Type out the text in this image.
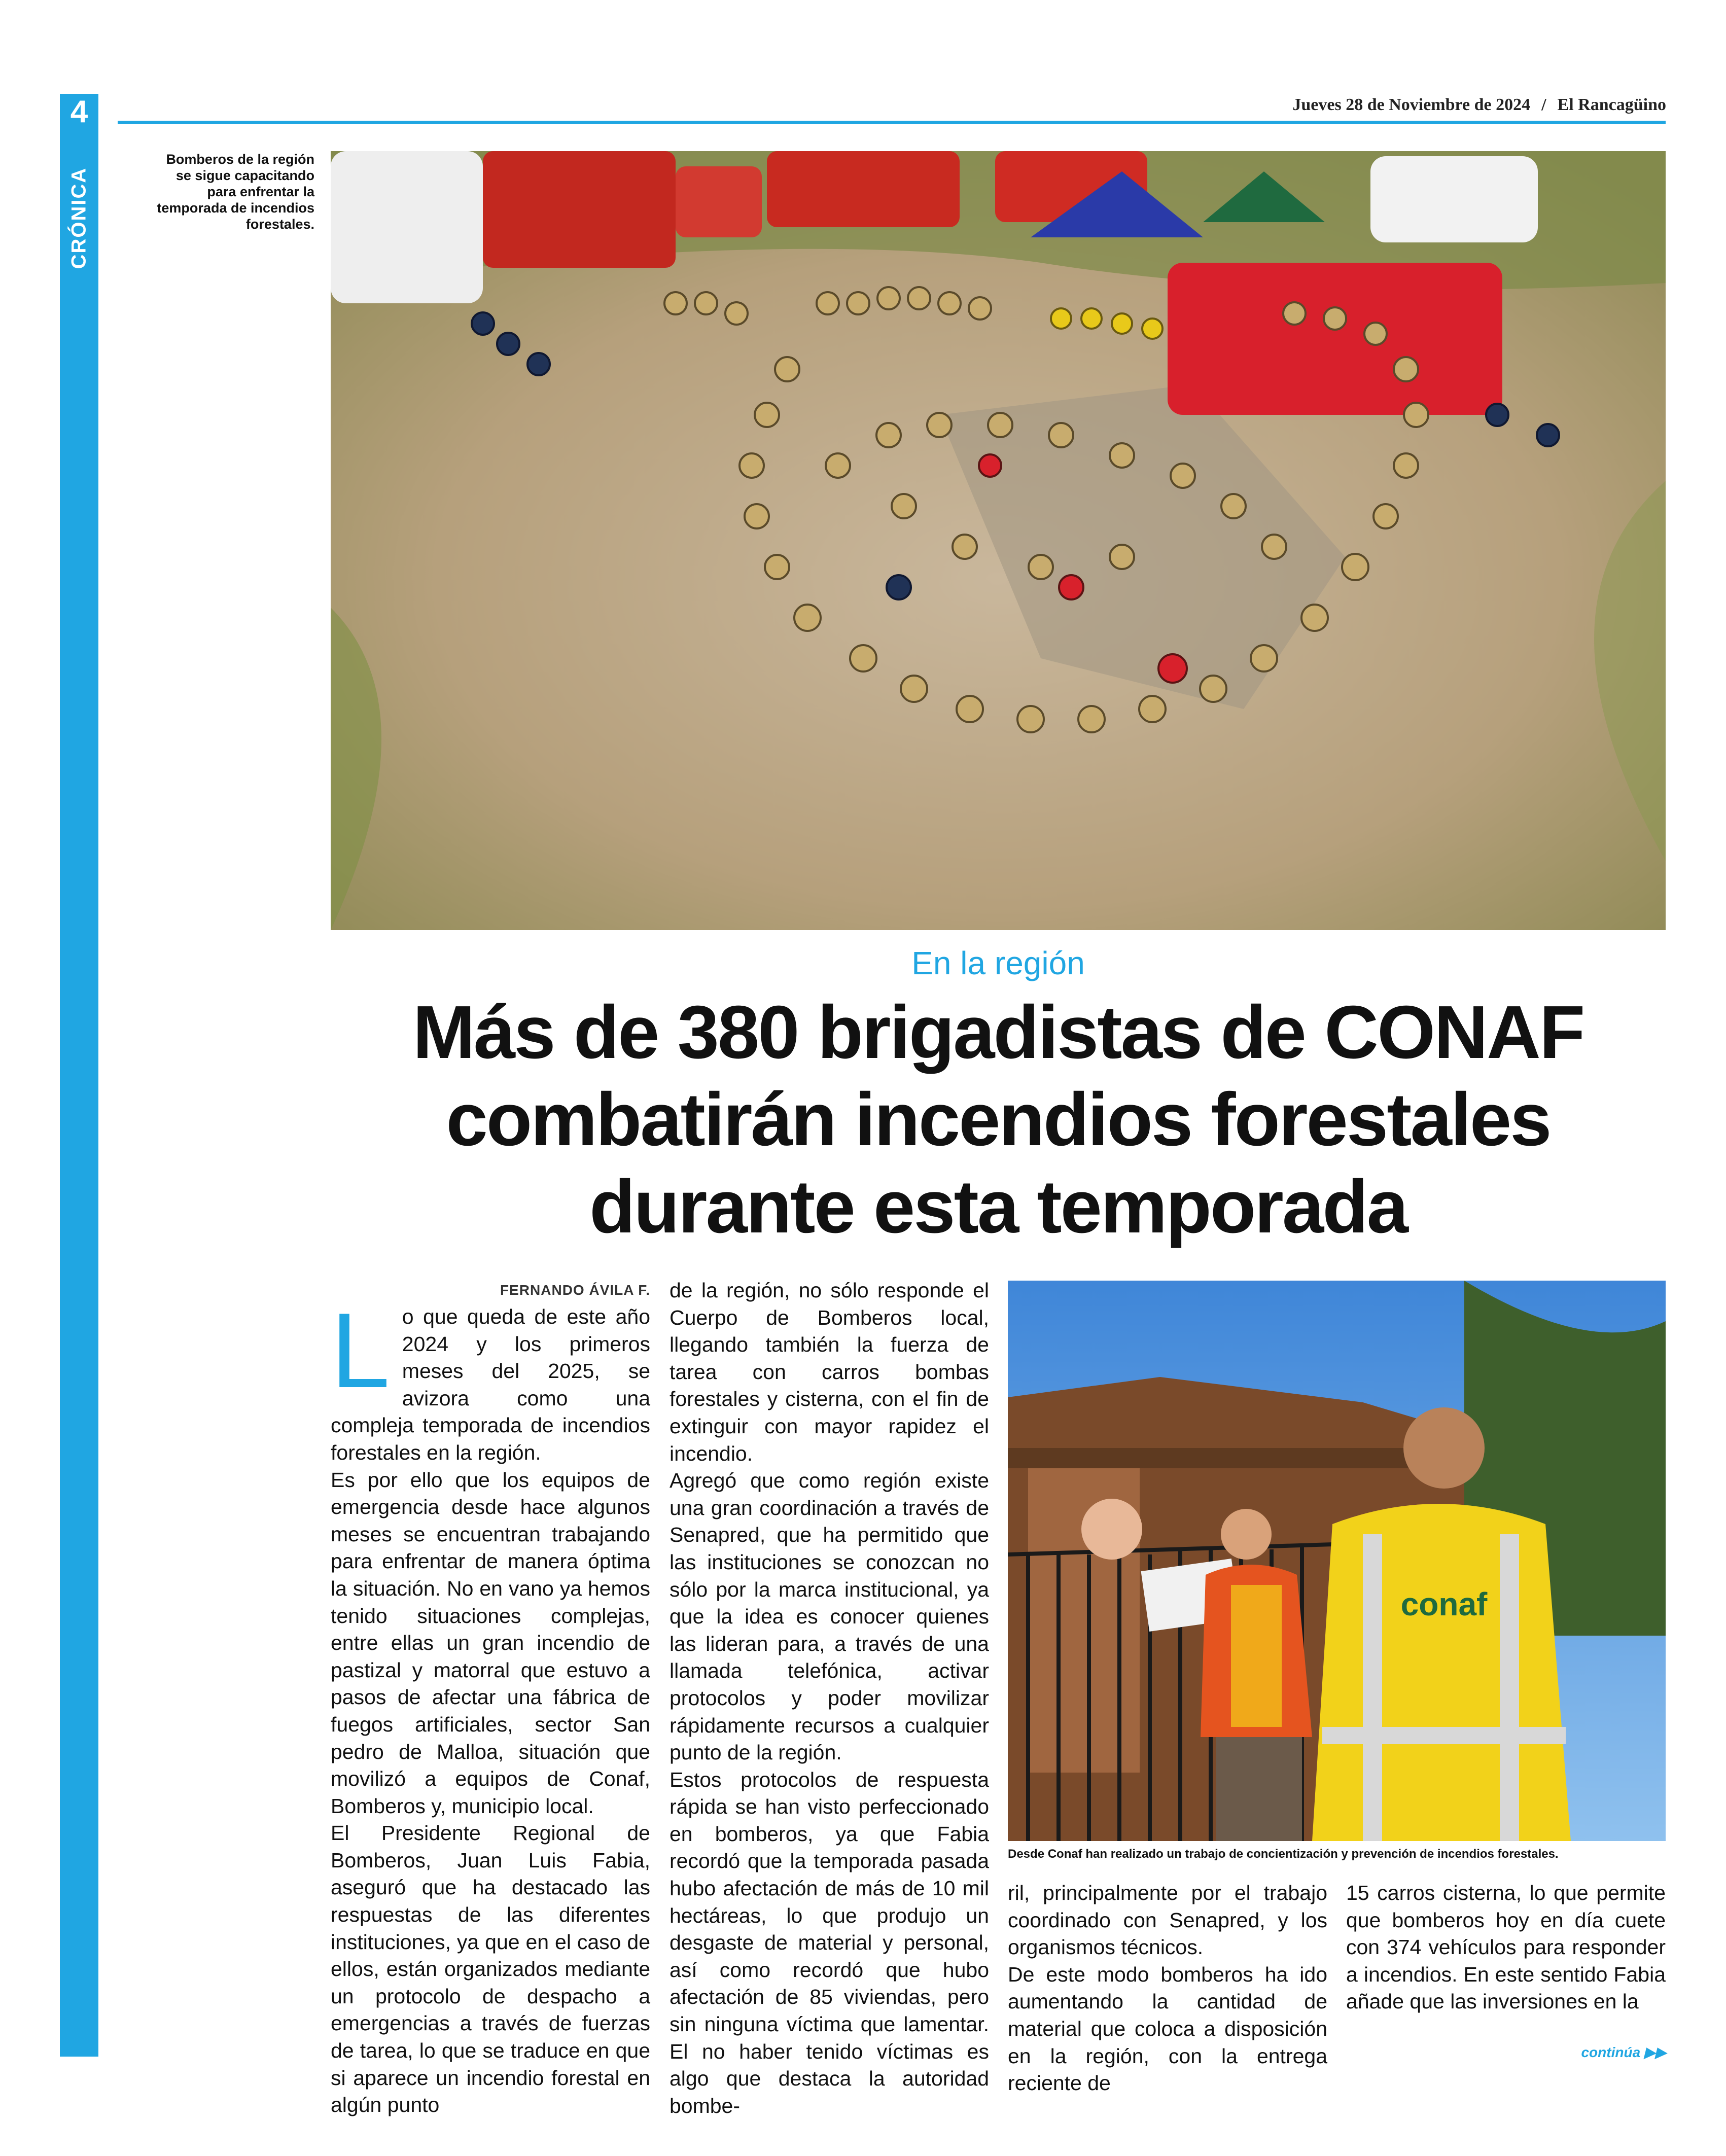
4
CRÓNICA
Jueves 28 de Noviembre de 2024 / El Rancagüino
Bomberos de la región se sigue capacitando para enfrentar la temporada de incendios forestales.
En la región
Más de 380 brigadistas de CONAF
combatirán incendios forestales
durante esta temporada
FERNANDO ÁVILA F.

Lo que queda de este año 2024 y los primeros meses del 2025, se avizora como una compleja temporada de incendios forestales en la región.

Es por ello que los equipos de emergencia desde hace algunos meses se encuentran trabajando para enfrentar de manera óptima la situación. No en vano ya hemos tenido situaciones complejas, entre ellas un gran incendio de pastizal y matorral que estuvo a pasos de afectar una fábrica de fuegos artificiales, sector San pedro de Malloa, situación que movilizó a equipos de Conaf, Bomberos y, municipio local.

El Presidente Regional de Bomberos, Juan Luis Fabia, aseguró que ha destacado las respuestas de las diferentes instituciones, ya que en el caso de ellos, están organizados mediante un protocolo de despacho a emergencias a través de fuerzas de tarea, lo que se traduce en que si aparece un incendio forestal en algún punto

de la región, no sólo responde el Cuerpo de Bomberos local, llegando también la fuerza de tarea con carros bombas forestales y cisterna, con el fin de extinguir con mayor rapidez el incendio.

Agregó que como región existe una gran coordinación a través de Senapred, que ha permitido que las instituciones se conozcan no sólo por la marca institucional, ya que la idea es conocer quienes las lideran para, a través de una llamada telefónica, activar protocolos y poder movilizar rápidamente recursos a cualquier punto de la región.

Estos protocolos de respuesta rápida se han visto perfeccionado en bomberos, ya que Fabia recordó que la temporada pasada hubo afectación de más de 10 mil hectáreas, lo que produjo un desgaste de material y personal, así como recordó que hubo afectación de 85 viviendas, pero sin ninguna víctima que lamentar. El no haber tenido víctimas es algo que destaca la autoridad bombe-

conaf
Desde Conaf han realizado un trabajo de concientización y prevención de incendios forestales.

ril, principalmente por el trabajo coordinado con Senapred, y los organismos técnicos.

De este modo bomberos ha ido aumentando la cantidad de material que coloca a disposición en la región, con la entrega reciente de

15 carros cisterna, lo que permite que bomberos hoy en día cuete con 374 vehículos para responder a incendios. En este sentido Fabia añade que las inversiones en la

continúa ▶▶
